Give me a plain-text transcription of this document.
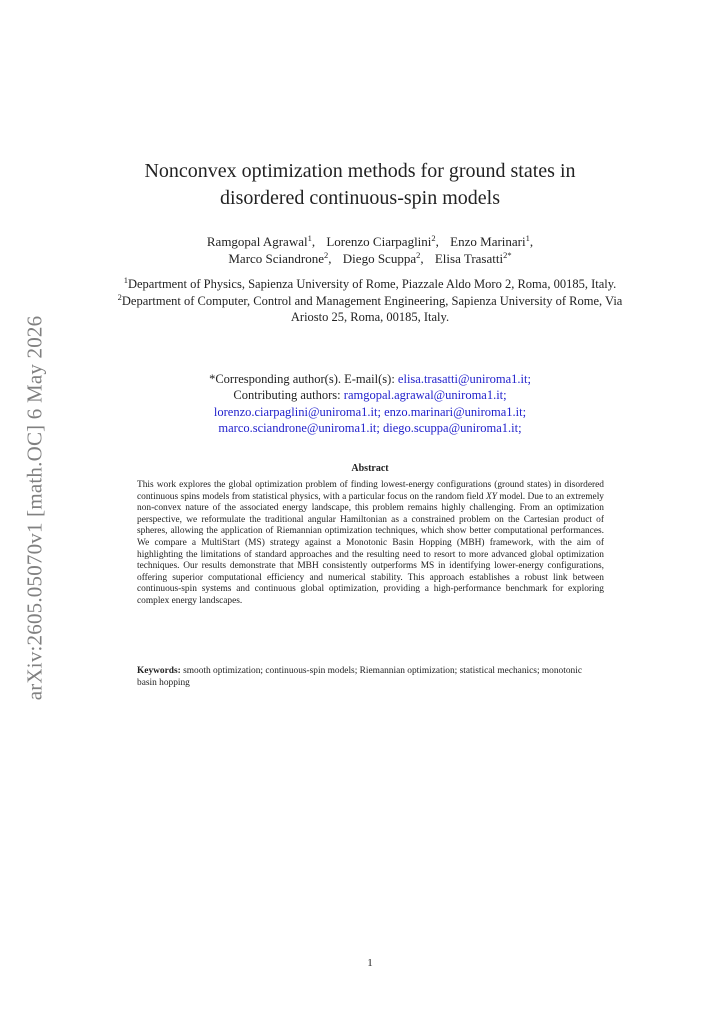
arXiv:2605.05070v1 [math.OC] 6 May 2026
Nonconvex optimization methods for ground states in
disordered continuous-spin models
Ramgopal Agrawal$^1$, Lorenzo Ciarpaglini$^2$, Enzo Marinari$^1$,
Marco Sciandrone$^2$, Diego Scuppa$^2$, Elisa Trasatti$^{2*}$

$^1$Department of Physics, Sapienza University of Rome, Piazzale Aldo Moro 2, Roma, 00185, Italy.

$^2$Department of Computer, Control and Management Engineering, Sapienza University of Rome, Via Ariosto 25, Roma, 00185, Italy.

*Corresponding author(s). E-mail(s): elisa.trasatti@uniroma1.it;
Contributing authors: ramgopal.agrawal@uniroma1.it;
lorenzo.ciarpaglini@uniroma1.it; enzo.marinari@uniroma1.it;
marco.sciandrone@uniroma1.it; diego.scuppa@uniroma1.it;
Abstract

This work explores the global optimization problem of finding lowest-energy configurations (ground states) in disordered continuous spins models from statistical physics, with a particular focus on the random field XY model. Due to an extremely non-convex nature of the associated energy landscape, this problem remains highly challenging. From an optimization perspective, we reformulate the traditional angular Hamiltonian as a constrained problem on the Cartesian product of spheres, allowing the application of Riemannian optimization techniques, which show better computational performances. We compare a MultiStart (MS) strategy against a Monotonic Basin Hopping (MBH) framework, with the aim of highlighting the limitations of standard approaches and the resulting need to resort to more advanced global optimization techniques. Our results demonstrate that MBH consistently outperforms MS in identifying lower-energy configurations, offering superior computational efficiency and numerical stability. This approach establishes a robust link between continuous-spin systems and continuous global optimization, providing a high-performance benchmark for exploring complex energy landscapes.

Keywords: smooth optimization; continuous-spin models; Riemannian optimization; statistical mechanics; monotonic basin hopping

1
